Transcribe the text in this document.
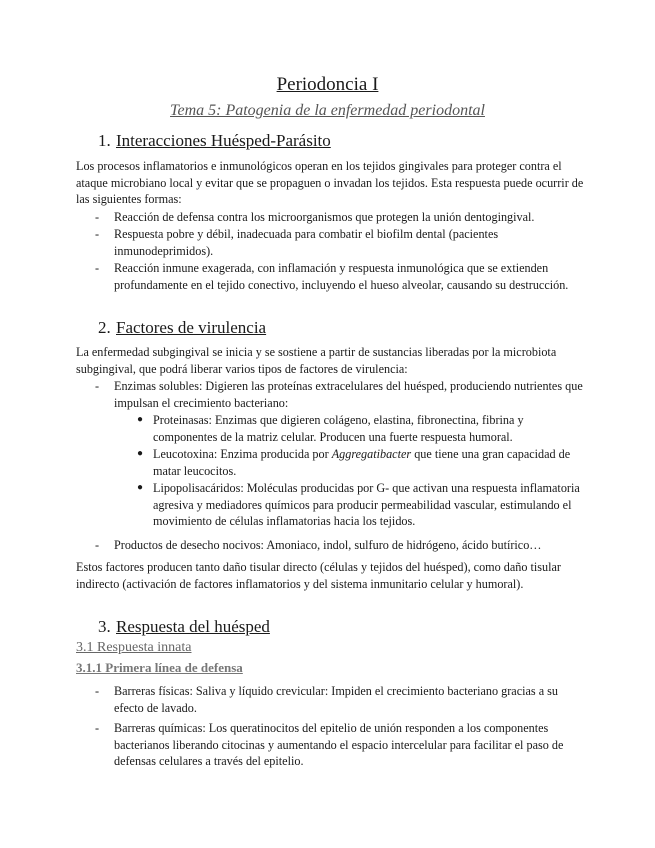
Periodoncia I
Tema 5: Patogenia de la enfermedad periodontal
1. Interacciones Huésped-Parásito
Los procesos inflamatorios e inmunológicos operan en los tejidos gingivales para proteger contra el ataque microbiano local y evitar que se propaguen o invadan los tejidos. Esta respuesta puede ocurrir de las siguientes formas:
- Reacción de defensa contra los microorganismos que protegen la unión dentogingival.
- Respuesta pobre y débil, inadecuada para combatir el biofilm dental (pacientes inmunodeprimidos).
- Reacción inmune exagerada, con inflamación y respuesta inmunológica que se extienden profundamente en el tejido conectivo, incluyendo el hueso alveolar, causando su destrucción.
2. Factores de virulencia
La enfermedad subgingival se inicia y se sostiene a partir de sustancias liberadas por la microbiota subgingival, que podrá liberar varios tipos de factores de virulencia:
- Enzimas solubles: Digieren las proteínas extracelulares del huésped, produciendo nutrientes que impulsan el crecimiento bacteriano:
● Proteinasas: Enzimas que digieren colágeno, elastina, fibronectina, fibrina y componentes de la matriz celular. Producen una fuerte respuesta humoral.
● Leucotoxina: Enzima producida por Aggregatibacter que tiene una gran capacidad de matar leucocitos.
● Lipopolisacáridos: Moléculas producidas por G- que activan una respuesta inflamatoria agresiva y mediadores químicos para producir permeabilidad vascular, estimulando el movimiento de células inflamatorias hacia los tejidos.
- Productos de desecho nocivos: Amoniaco, indol, sulfuro de hidrógeno, ácido butírico…
Estos factores producen tanto daño tisular directo (células y tejidos del huésped), como daño tisular indirecto (activación de factores inflamatorios y del sistema inmunitario celular y humoral).
3. Respuesta del huésped
3.1 Respuesta innata
3.1.1 Primera línea de defensa
- Barreras físicas: Saliva y líquido crevicular: Impiden el crecimiento bacteriano gracias a su efecto de lavado.
- Barreras químicas: Los queratinocitos del epitelio de unión responden a los componentes bacterianos liberando citocinas y aumentando el espacio intercelular para facilitar el paso de defensas celulares a través del epitelio.
